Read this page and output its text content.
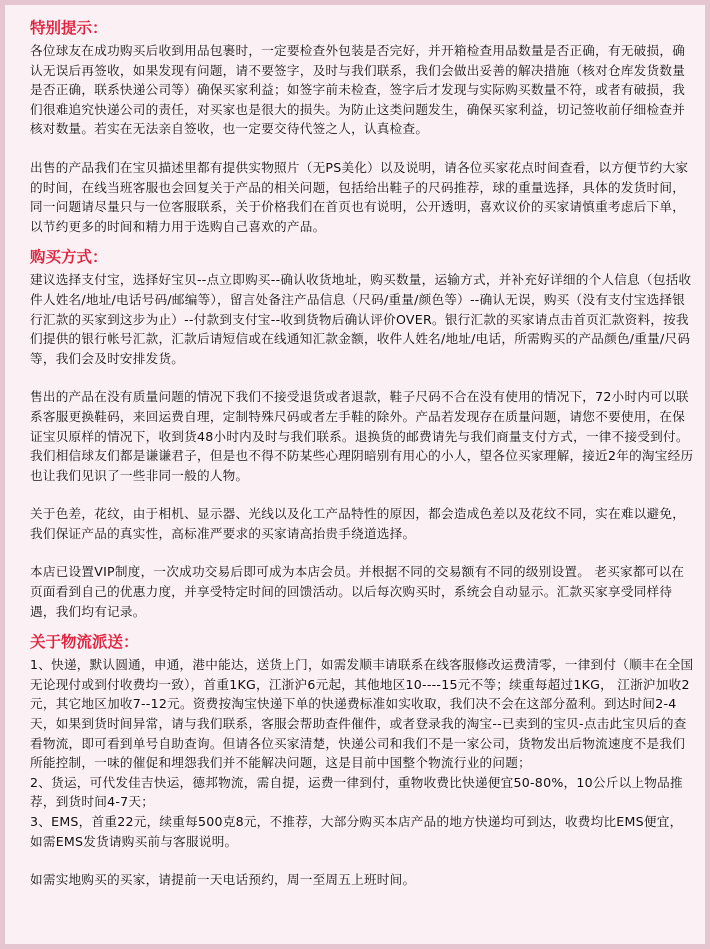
特别提示：

各位球友在成功购买后收到用品包裹时，一定要检查外包装是否完好，并开箱检查用品数量是否正确，有无破损，确认无误后再签收，如果发现有问题，请不要签字，及时与我们联系，我们会做出妥善的解决措施（核对仓库发货数量是否正确，联系快递公司等）确保买家利益；如签字前未检查，签字后才发现与实际购买数量不符，或者有破损，我们很难追究快递公司的责任，对买家也是很大的损失。为防止这类问题发生，确保买家利益，切记签收前仔细检查并核对数量。若实在无法亲自签收，也一定要交待代签之人，认真检查。

出售的产品我们在宝贝描述里都有提供实物照片（无PS美化）以及说明，请各位买家花点时间查看，以方便节约大家的时间，在线当班客服也会回复关于产品的相关问题，包括给出鞋子的尺码推荐，球的重量选择，具体的发货时间，同一问题请尽量只与一位客服联系，关于价格我们在首页也有说明，公开透明，喜欢议价的买家请慎重考虑后下单，以节约更多的时间和精力用于选购自己喜欢的产品。

购买方式：

建议选择支付宝，选择好宝贝--点立即购买--确认收货地址，购买数量，运输方式，并补充好详细的个人信息（包括收件人姓名/地址/电话号码/邮编等），留言处备注产品信息（尺码/重量/颜色等）--确认无误，购买（没有支付宝选择银行汇款的买家到这步为止）--付款到支付宝--收到货物后确认评价OVER。银行汇款的买家请点击首页汇款资料，按我们提供的银行帐号汇款，汇款后请短信或在线通知汇款金额，收件人姓名/地址/电话，所需购买的产品颜色/重量/尺码等，我们会及时安排发货。

售出的产品在没有质量问题的情况下我们不接受退货或者退款，鞋子尺码不合在没有使用的情况下，72小时内可以联系客服更换鞋码，来回运费自理，定制特殊尺码或者左手鞋的除外。产品若发现存在质量问题，请您不要使用，在保证宝贝原样的情况下，收到货48小时内及时与我们联系。退换货的邮费请先与我们商量支付方式，一律不接受到付。我们相信球友们都是谦谦君子，但是也不得不防某些心理阴暗别有用心的小人，望各位买家理解，接近2年的淘宝经历也让我们见识了一些非同一般的人物。

关于色差，花纹，由于相机、显示器、光线以及化工产品特性的原因，都会造成色差以及花纹不同，实在难以避免，我们保证产品的真实性，高标准严要求的买家请高抬贵手绕道选择。

本店已设置VIP制度，一次成功交易后即可成为本店会员。并根据不同的交易额有不同的级别设置。 老买家都可以在页面看到自己的优惠力度，并享受特定时间的回馈活动。以后每次购买时，系统会自动显示。汇款买家享受同样待遇，我们均有记录。

关于物流派送：

1、快递，默认圆通，申通，港中能达，送货上门，如需发顺丰请联系在线客服修改运费清零，一律到付（顺丰在全国无论现付或到付收费均一致），首重1KG，江浙沪6元起，其他地区10----15元不等；续重每超过1KG， 江浙沪加收2元，其它地区加收7--12元。资费按淘宝快递下单的快递费标准如实收取，我们决不会在这部分盈利。到达时间2-4天，如果到货时间异常，请与我们联系，客服会帮助查件催件，或者登录我的淘宝--已卖到的宝贝-点击此宝贝后的查看物流，即可看到单号自助查询。但请各位买家清楚，快递公司和我们不是一家公司，货物发出后物流速度不是我们所能控制，一味的催促和埋怨我们并不能解决问题，这是目前中国整个物流行业的问题；
2、货运，可代发佳吉快运，德邦物流，需自提，运费一律到付，重物收费比快递便宜50-80%，10公斤以上物品推荐，到货时间4-7天；
3、EMS，首重22元，续重每500克8元，不推荐，大部分购买本店产品的地方快递均可到达，收费均比EMS便宜，如需EMS发货请购买前与客服说明。

如需实地购买的买家，请提前一天电话预约，周一至周五上班时间。
